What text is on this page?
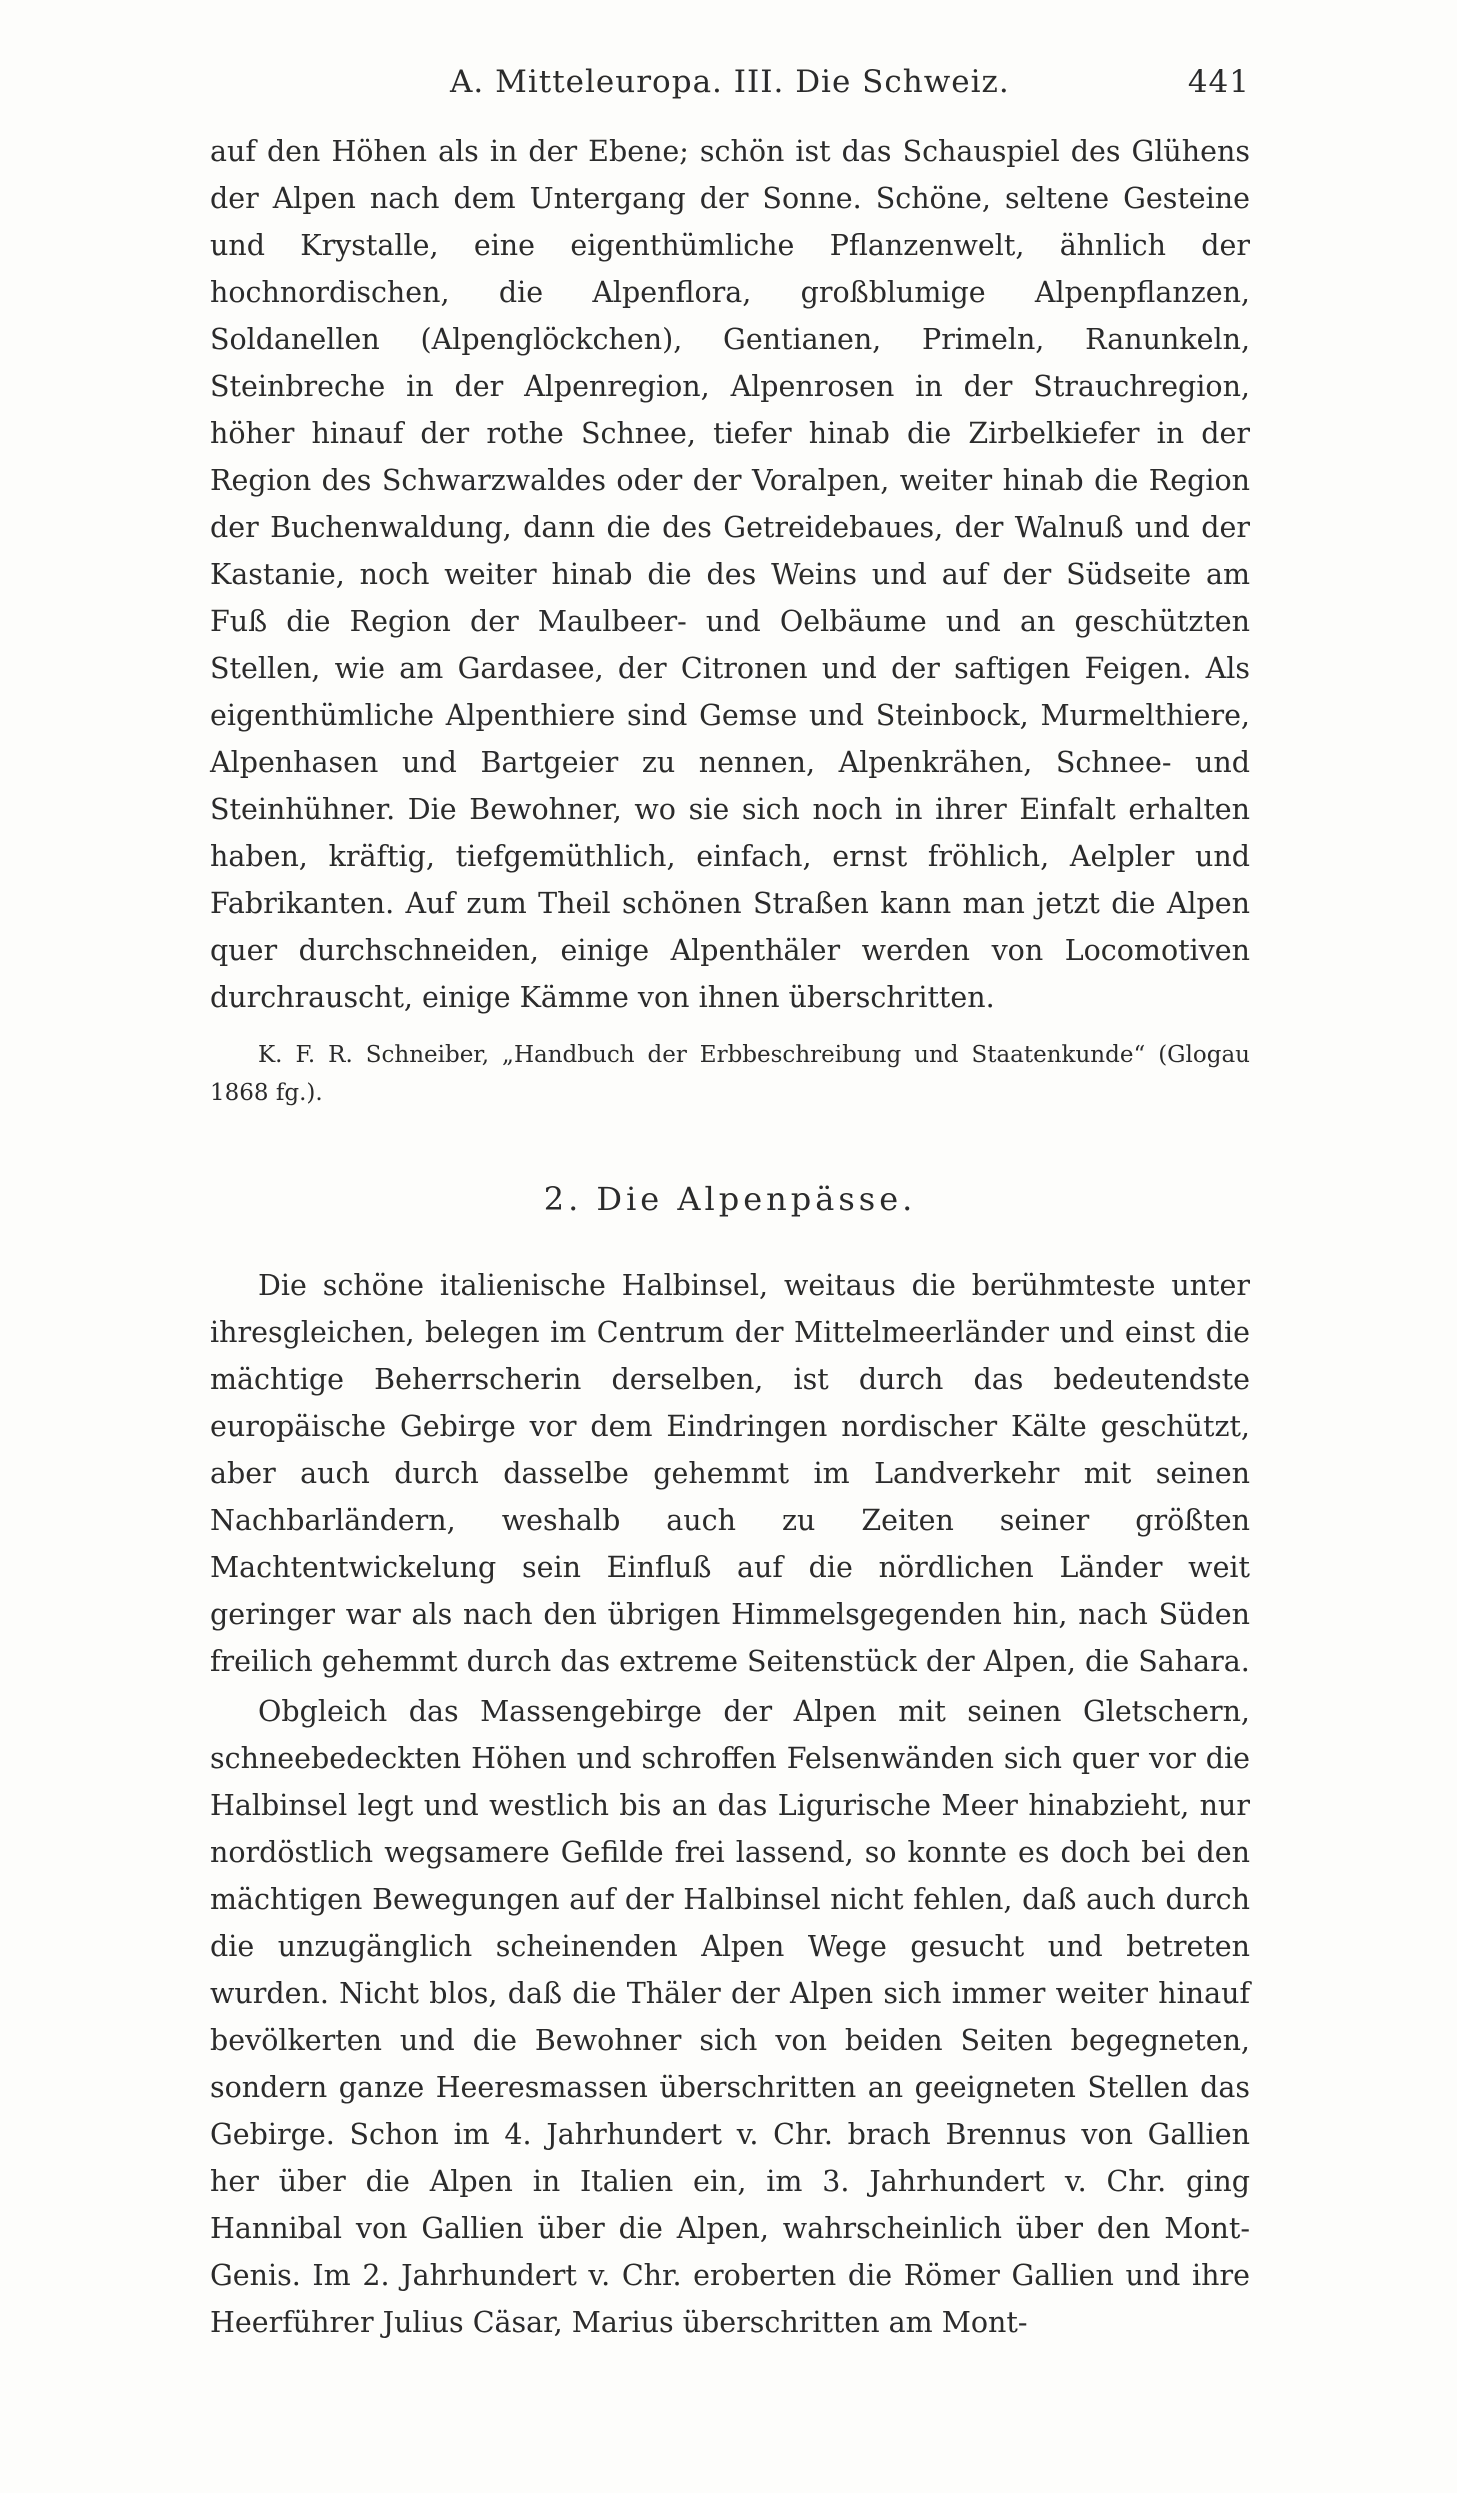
A. Mitteleuropa. III. Die Schweiz.	441
auf den Höhen als in der Ebene; schön ist das Schauspiel des Glühens der Alpen nach dem Untergang der Sonne. Schöne, seltene Gesteine und Krystalle, eine eigenthümliche Pflanzenwelt, ähnlich der hochnordischen, die Alpenflora, großblumige Alpenpflanzen, Soldanellen (Alpenglöckchen), Gentianen, Primeln, Ranunkeln, Steinbreche in der Alpenregion, Alpenrosen in der Strauchregion, höher hinauf der rothe Schnee, tiefer hinab die Zirbelkiefer in der Region des Schwarzwaldes oder der Voralpen, weiter hinab die Region der Buchenwaldung, dann die des Getreidebaues, der Walnuß und der Kastanie, noch weiter hinab die des Weins und auf der Südseite am Fuß die Region der Maulbeer- und Oelbäume und an geschützten Stellen, wie am Gardasee, der Citronen und der saftigen Feigen. Als eigenthümliche Alpenthiere sind Gemse und Steinbock, Murmelthiere, Alpenhasen und Bartgeier zu nennen, Alpenkrähen, Schnee- und Steinhühner. Die Bewohner, wo sie sich noch in ihrer Einfalt erhalten haben, kräftig, tiefgemüthlich, einfach, ernst fröhlich, Aelpler und Fabrikanten. Auf zum Theil schönen Straßen kann man jetzt die Alpen quer durchschneiden, einige Alpenthäler werden von Locomotiven durchrauscht, einige Kämme von ihnen überschritten.
K. F. R. Schneiber, „Handbuch der Erbbeschreibung und Staatenkunde“ (Glogau 1868 fg.).
2. Die Alpenpässe.
Die schöne italienische Halbinsel, weitaus die berühmteste unter ihresgleichen, belegen im Centrum der Mittelmeerländer und einst die mächtige Beherrscherin derselben, ist durch das bedeutendste europäische Gebirge vor dem Eindringen nordischer Kälte geschützt, aber auch durch dasselbe gehemmt im Landverkehr mit seinen Nachbarländern, weshalb auch zu Zeiten seiner größten Machtentwickelung sein Einfluß auf die nördlichen Länder weit geringer war als nach den übrigen Himmelsgegenden hin, nach Süden freilich gehemmt durch das extreme Seitenstück der Alpen, die Sahara.
Obgleich das Massengebirge der Alpen mit seinen Gletschern, schneebedeckten Höhen und schroffen Felsenwänden sich quer vor die Halbinsel legt und westlich bis an das Ligurische Meer hinabzieht, nur nordöstlich wegsamere Gefilde frei lassend, so konnte es doch bei den mächtigen Bewegungen auf der Halbinsel nicht fehlen, daß auch durch die unzugänglich scheinenden Alpen Wege gesucht und betreten wurden. Nicht blos, daß die Thäler der Alpen sich immer weiter hinauf bevölkerten und die Bewohner sich von beiden Seiten begegneten, sondern ganze Heeresmassen überschritten an geeigneten Stellen das Gebirge. Schon im 4. Jahrhundert v. Chr. brach Brennus von Gallien her über die Alpen in Italien ein, im 3. Jahrhundert v. Chr. ging Hannibal von Gallien über die Alpen, wahrscheinlich über den Mont-Genis. Im 2. Jahrhundert v. Chr. eroberten die Römer Gallien und ihre Heerführer Julius Cäsar, Marius überschritten am Mont-
